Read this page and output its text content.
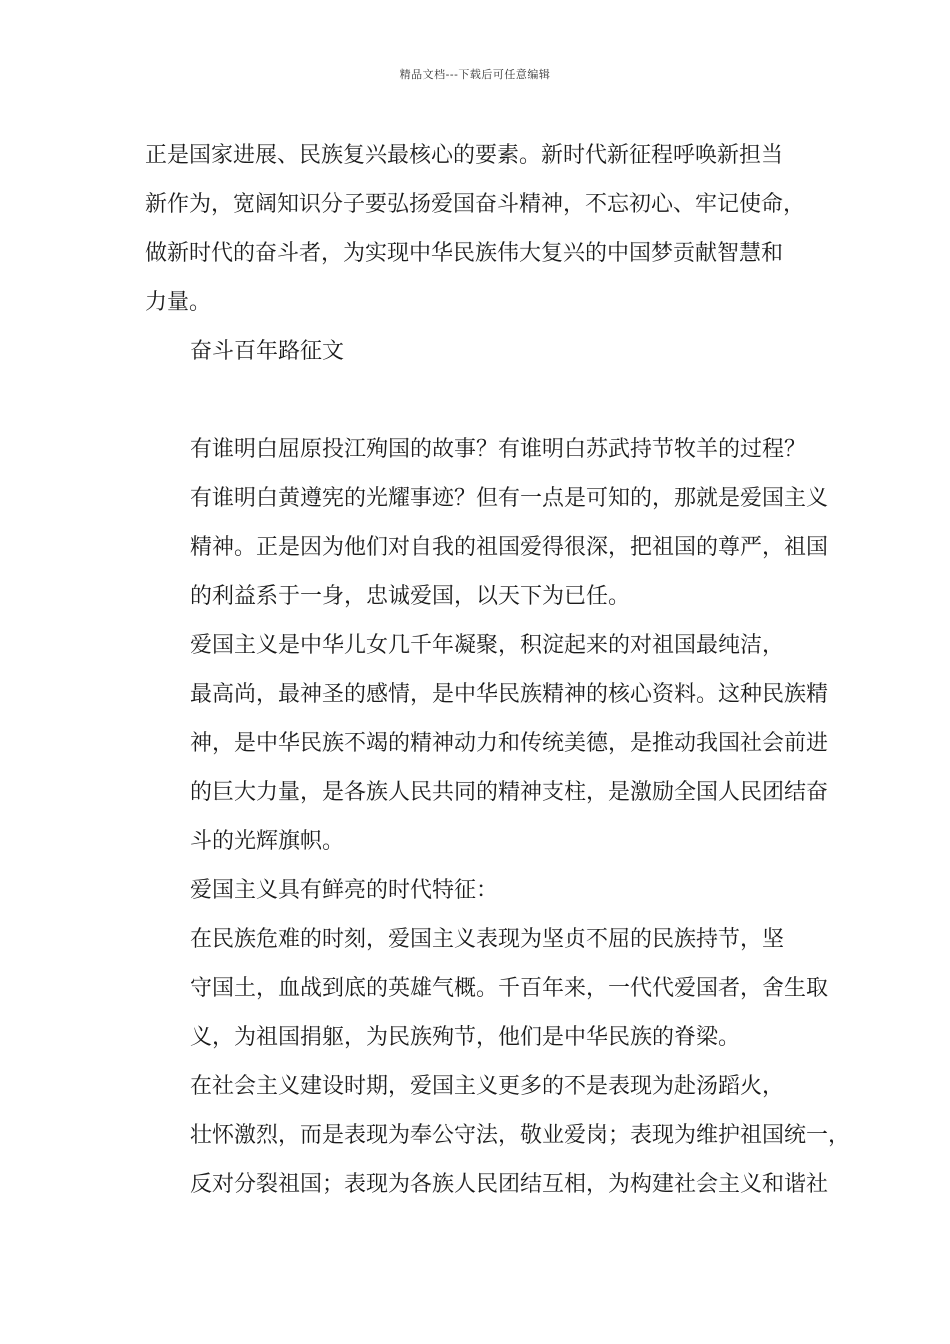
精品文档---下载后可任意编辑

正是国家进展、民族复兴最核心的要素。新时代新征程呼唤新担当
新作为，宽阔知识分子要弘扬爱国奋斗精神，不忘初心、牢记使命，
做新时代的奋斗者，为实现中华民族伟大复兴的中国梦贡献智慧和
力量。

奋斗百年路征文

有谁明白屈原投江殉国的故事？有谁明白苏武持节牧羊的过程？
有谁明白黄遵宪的光耀事迹？但有一点是可知的，那就是爱国主义
精神。正是因为他们对自我的祖国爱得很深，把祖国的尊严，祖国
的利益系于一身，忠诚爱国，以天下为已任。

爱国主义是中华儿女几千年凝聚，积淀起来的对祖国最纯洁，
最高尚，最神圣的感情，是中华民族精神的核心资料。这种民族精
神，是中华民族不竭的精神动力和传统美德，是推动我国社会前进
的巨大力量，是各族人民共同的精神支柱，是激励全国人民团结奋
斗的光辉旗帜。

爱国主义具有鲜亮的时代特征：

在民族危难的时刻，爱国主义表现为坚贞不屈的民族持节，坚
守国土，血战到底的英雄气概。千百年来，一代代爱国者，舍生取
义，为祖国捐躯，为民族殉节，他们是中华民族的脊梁。

在社会主义建设时期，爱国主义更多的不是表现为赴汤蹈火，
壮怀激烈，而是表现为奉公守法，敬业爱岗；表现为维护祖国统一，
反对分裂祖国；表现为各族人民团结互相，为构建社会主义和谐社
